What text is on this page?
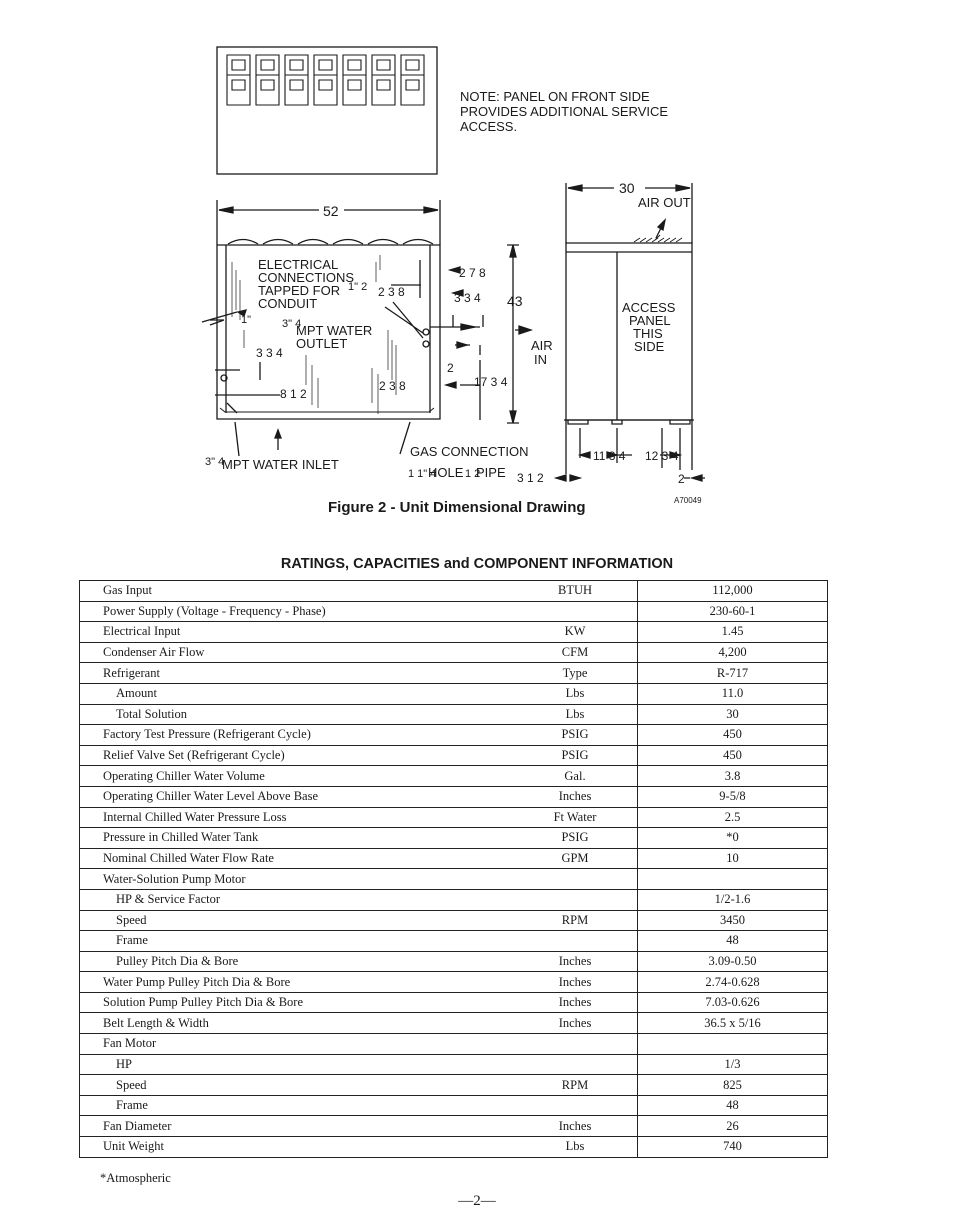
NOTE: PANEL ON FRONT SIDE
PROVIDES ADDITIONAL SERVICE
ACCESS.
52
30
43
AIR OUT
AIR
IN
ACCESS
PANEL
THIS
SIDE
ELECTRICAL
CONNECTIONS
TAPPED FOR
CONDUIT
1" 2
3" 4
MPT WATER
OUTLET
2 7 8
2 3 8	3 3 4
1"
3 3 4
8 1 2
2 3 8
2
17 3 4
3" 4
MPT WATER INLET
GAS CONNECTION
1 1" 4
HOLE 1 2
PIPE 3 1 2
11 3 4 12 3 4
2
Figure 2 - Unit Dimensional Drawing	A70049
RATINGS, CAPACITIES and COMPONENT INFORMATION
Gas Input	BTUH		112,000
Power Supply (Voltage - Frequency - Phase)			230-60-1
Electrical Input	KW		1.45
Condenser Air Flow	CFM		4,200
Refrigerant	Type		R-717
Amount	Lbs		11.0
Total Solution	Lbs		30
Factory Test Pressure (Refrigerant Cycle)	PSIG		450
Relief Valve Set (Refrigerant Cycle)	PSIG		450
Operating Chiller Water Volume	Gal.		3.8
Operating Chiller Water Level Above Base	Inches		9-5/8
Internal Chilled Water Pressure Loss	Ft Water		2.5
Pressure in Chilled Water Tank	PSIG		*0
Nominal Chilled Water Flow Rate	GPM		10
Water-Solution Pump Motor			
HP & Service Factor			1/2-1.6
Speed	RPM		3450
Frame			48
Pulley Pitch Dia & Bore	Inches		3.09-0.50
Water Pump Pulley Pitch Dia & Bore	Inches		2.74-0.628
Solution Pump Pulley Pitch Dia & Bore	Inches		7.03-0.626
Belt Length & Width	Inches		36.5 x 5/16
Fan Motor			
HP			1/3
Speed	RPM		825
Frame			48
Fan Diameter	Inches		26
Unit Weight	Lbs		740
*Atmospheric
—2—
